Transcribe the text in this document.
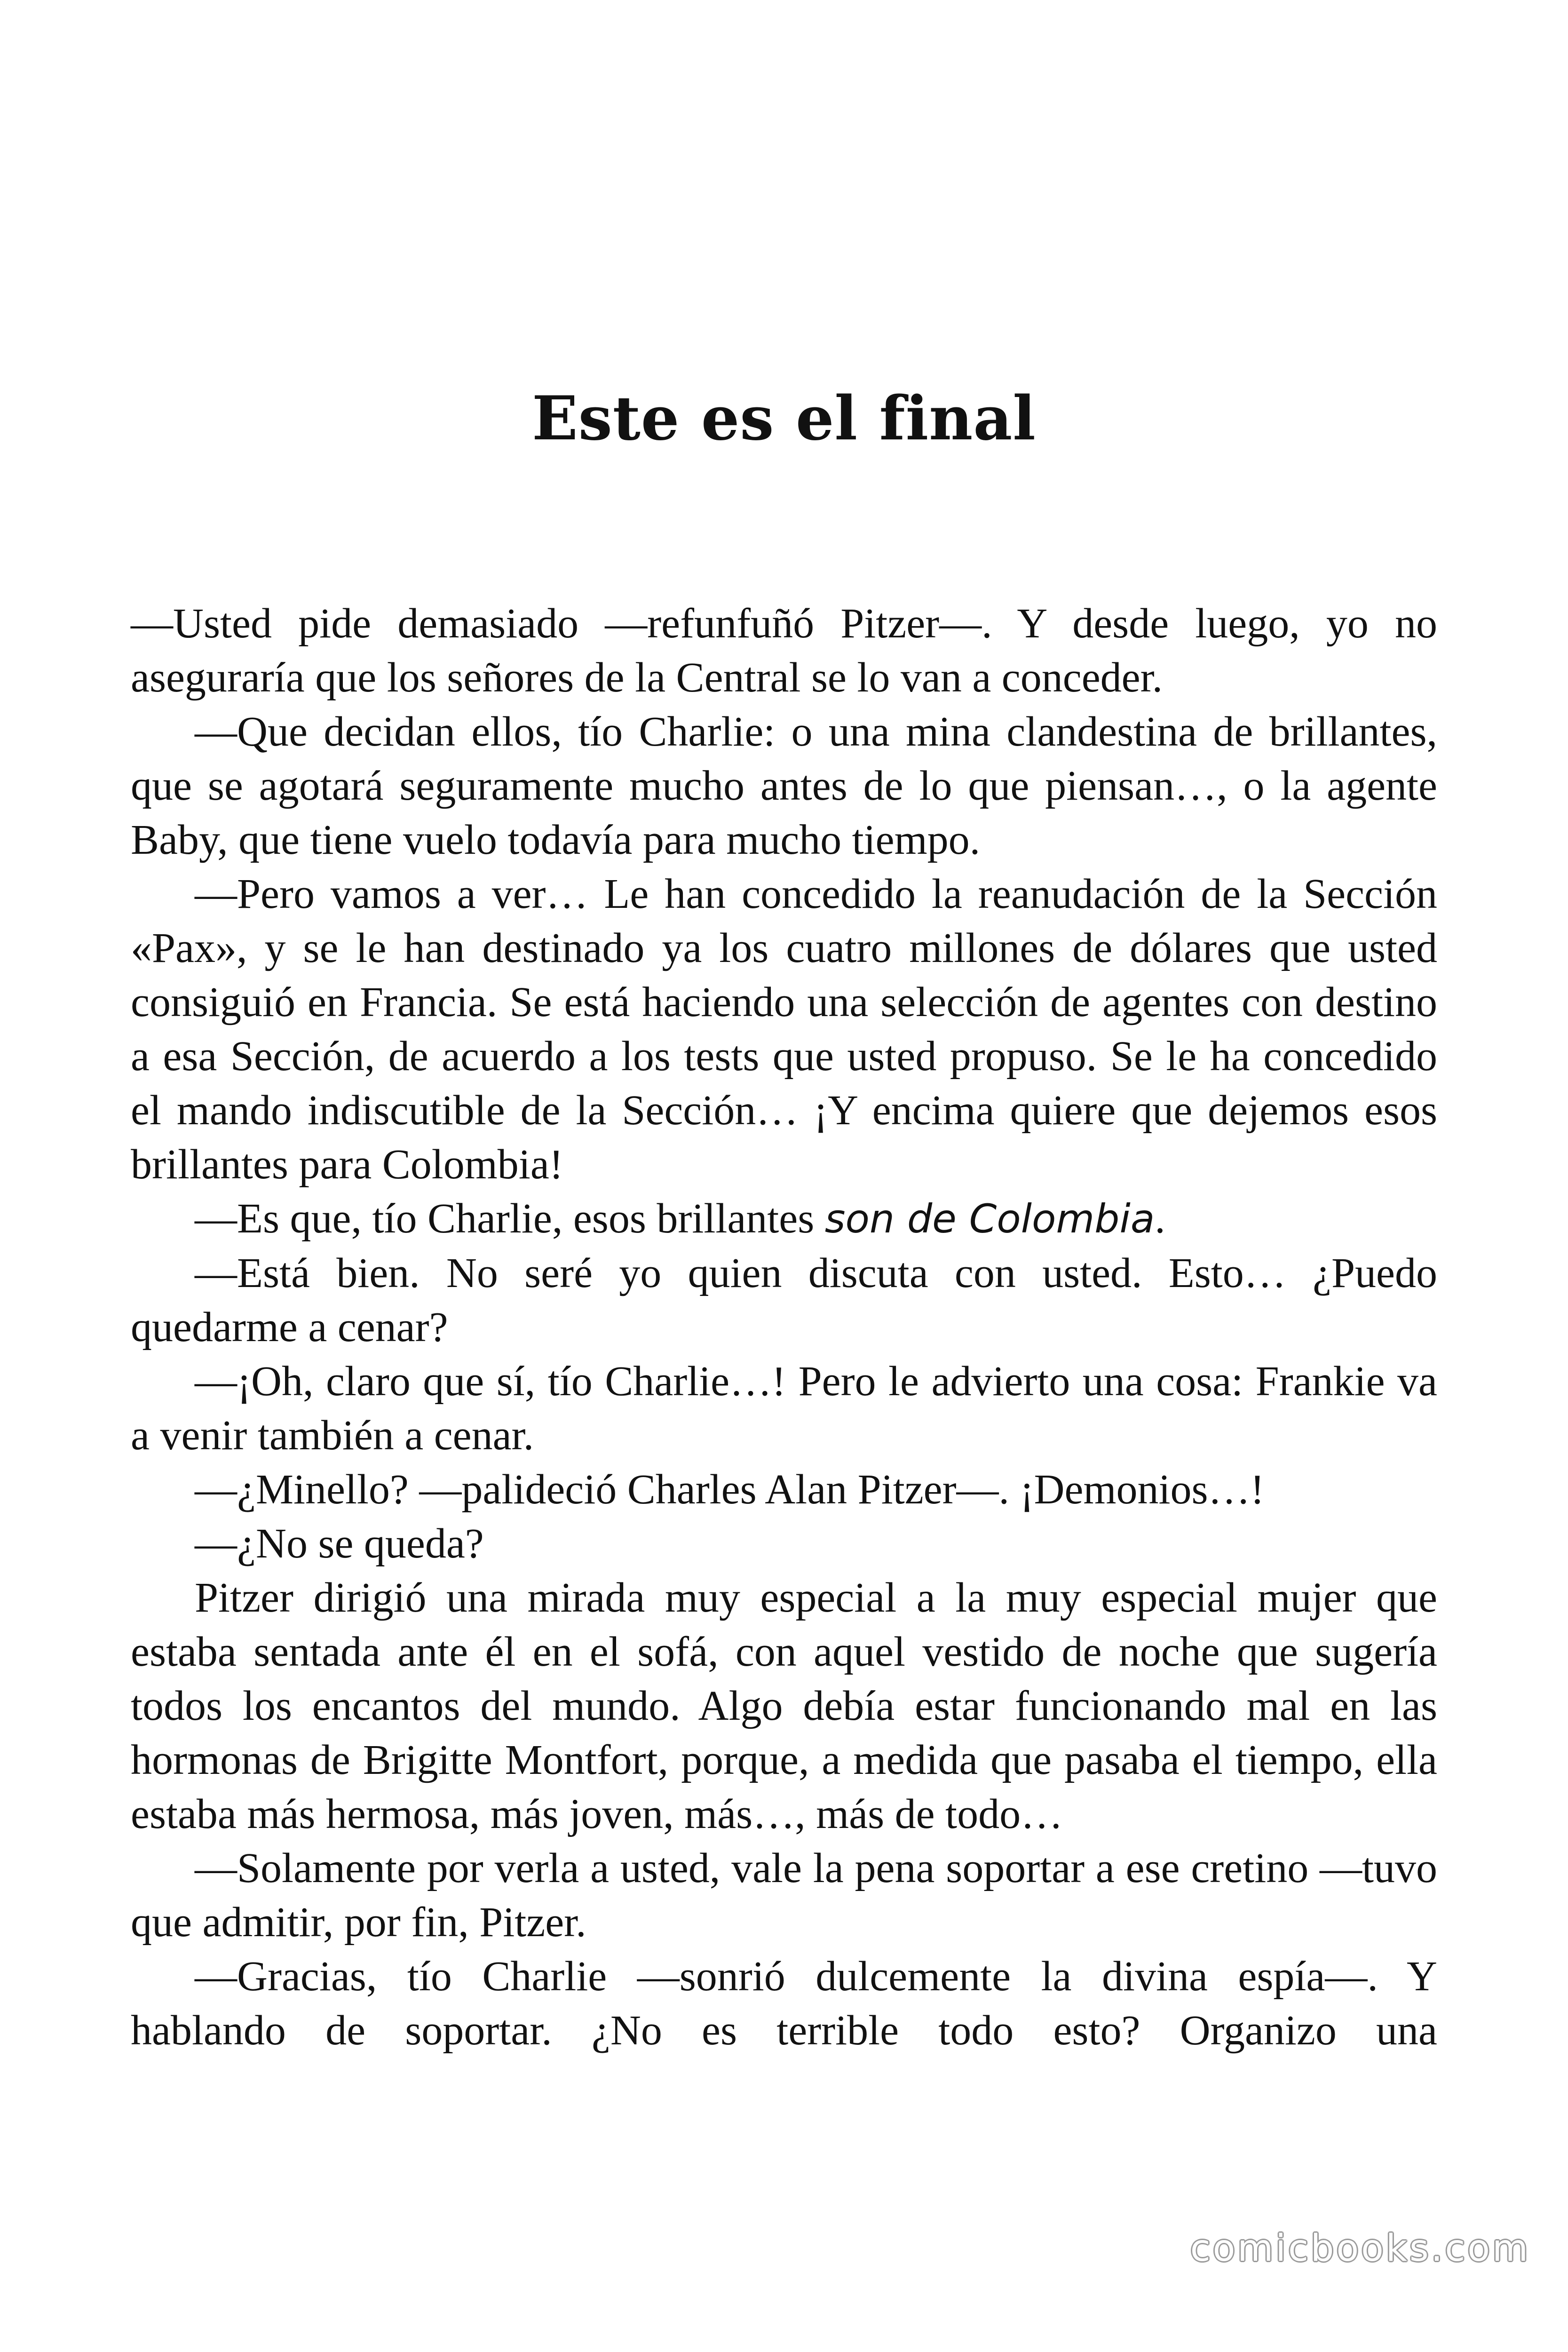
Este es el final

—Usted pide demasiado —refunfuñó Pitzer—. Y desde luego, yo no aseguraría que los señores de la Central se lo van a conceder.

—Que decidan ellos, tío Charlie: o una mina clandestina de brillantes, que se agotará seguramente mucho antes de lo que piensan…, o la agente Baby, que tiene vuelo todavía para mucho tiempo.

—Pero vamos a ver… Le han concedido la reanudación de la Sección «Pax», y se le han destinado ya los cuatro millones de dólares que usted consiguió en Francia. Se está haciendo una selección de agentes con destino a esa Sección, de acuerdo a los tests que usted propuso. Se le ha concedido el mando indiscutible de la Sección… ¡Y encima quiere que dejemos esos brillantes para Colombia!

—Es que, tío Charlie, esos brillantes son de Colombia.

—Está bien. No seré yo quien discuta con usted. Esto… ¿Puedo quedarme a cenar?

—¡Oh, claro que sí, tío Charlie…! Pero le advierto una cosa: Frankie va a venir también a cenar.

—¿Minello? —palideció Charles Alan Pitzer—. ¡Demonios…!

—¿No se queda?

Pitzer dirigió una mirada muy especial a la muy especial mujer que estaba sentada ante él en el sofá, con aquel vestido de noche que sugería todos los encantos del mundo. Algo debía estar funcionando mal en las hormonas de Brigitte Montfort, porque, a medida que pasaba el tiempo, ella estaba más hermosa, más joven, más…, más de todo…

—Solamente por verla a usted, vale la pena soportar a ese cretino —tuvo que admitir, por fin, Pitzer.

—Gracias, tío Charlie —sonrió dulcemente la divina espía—. Y hablando de soportar. ¿No es terrible todo esto? Organizo una

comicbooks.com
